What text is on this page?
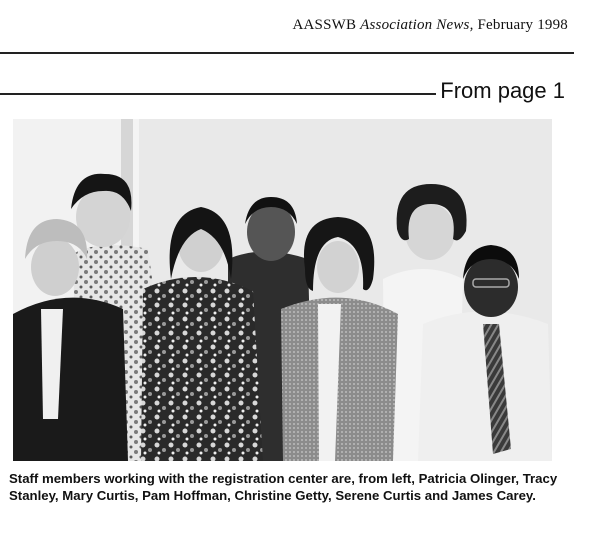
AASSWB Association News, February 1998
From page 1
Staff members working with the registration center are, from left, Patricia Olinger, Tracy Stanley, Mary Curtis, Pam Hoffman, Christine Getty, Serene Curtis and James Carey.
